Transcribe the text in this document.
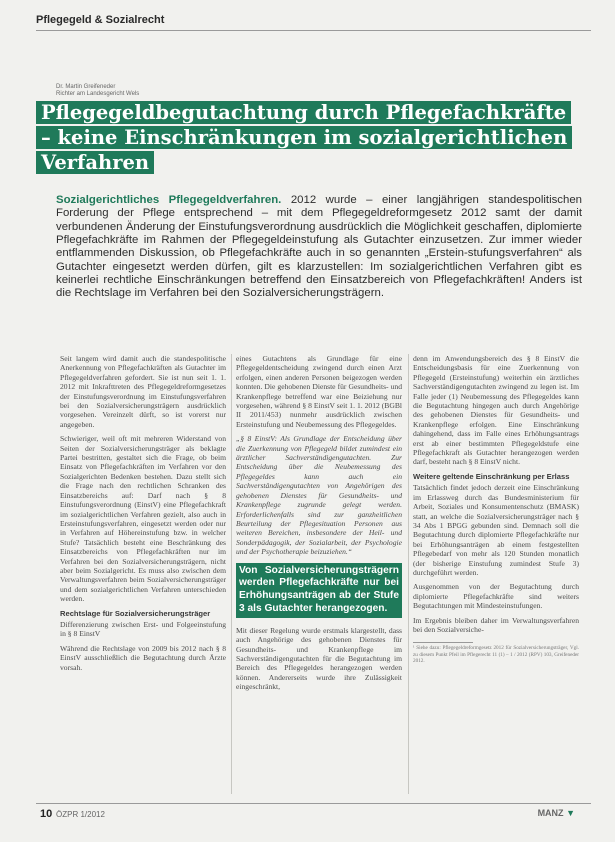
Pflegegeld & Sozialrecht
Dr. Martin Greifeneder
Richter am Landesgericht Wels
Pflegegeldbegutachtung durch Pflegefachkräfte
– keine Einschränkungen im sozialgerichtlichen
Verfahren

Sozialgerichtliches Pflegegeldverfahren. 2012 wurde – einer langjährigen standespolitischen Forderung der Pflege entsprechend – mit dem Pflegegeldreformgesetz 2012 samt der damit verbundenen Änderung der Einstufungsverordnung ausdrücklich die Möglichkeit geschaffen, diplomierte Pflegefachkräfte im Rahmen der Pflegegeldeinstufung als Gutachter einzusetzen. Zur immer wieder entflammenden Diskussion, ob Pflegefachkräfte auch in so genannten „Erstein-stufungsverfahren“ als Gutachter eingesetzt werden dürfen, gilt es klarzustellen: Im sozialgerichtlichen Verfahren gibt es keinerlei rechtliche Einschränkungen betreffend den Einsatzbereich von Pflegefachkräften! Anders ist die Rechtslage im Verfahren bei den Sozialversicherungsträgern.

Seit langem wird damit auch die standespolitische Anerkennung von Pflegefachkräften als Gutachter im Pflegegeldverfahren gefordert. Sie ist nun seit 1. 1. 2012 mit Inkrafttreten des Pflegegeldreformgesetzes der Einstufungsverordnung im Einstufungsverfahren bei den Sozialversicherungsträgern ausdrücklich vorgesehen. Vereinzelt dürft, so ist vorerst nur angegeben.

Schwieriger, weil oft mit mehreren Widerstand von Seiten der Sozialversicherungsträger als beklagte Partei bestritten, gestaltet sich die Frage, ob beim Einsatz von Pflegefachkräften im Verfahren vor den Sozialgerichten Bedenken bestehen. Dazu stellt sich die Frage nach den rechtlichen Schranken des Einsatzbereichs auf: Darf nach § 8 Einstufungsverordnung (EinstV) eine Pflegefachkraft im sozialgerichtlichen Verfahren gezielt, also auch in Ersteinstufungsverfahren, eingesetzt werden oder nur in Verfahren auf Höhereinstufung bzw. in welcher Stufe? Tatsächlich besteht eine Beschränkung des Einsatzbereichs von Pflegefachkräften nur im Verfahren bei den Sozialversicherungsträgern, nicht aber beim Sozialgericht. Es muss also zwischen dem Verwaltungsverfahren beim Sozialversicherungsträger und dem sozialgerichtlichen Verfahren unterschieden werden.

Rechtslage für Sozialversicherungsträger

Differenzierung zwischen Erst- und Folgeeinstufung in § 8 EinstV

Während die Rechtslage von 2009 bis 2012 nach § 8 EinstV ausschließlich die Begutachtung durch Ärzte vorsah.

eines Gutachtens als Grundlage für eine Pflegegeldentscheidung zwingend durch einen Arzt erfolgen, einen anderen Personen beigezogen werden konnten. Die gehobenen Dienste für Gesundheits- und Krankenpflege betreffend war eine Beiziehung nur vorgesehen, während § 8 EinstV seit 1. 1. 2012 (BGBl II 2011/453) nunmehr ausdrücklich zwischen Ersteinstufung und Neubemessung des Pflegegeldes.

„§ 8 EinstV: Als Grundlage der Entscheidung über die Zuerkennung von Pflegegeld bildet zumindest ein ärztlicher Sachverständigengutachten. Zur Entscheidung über die Neubemessung des Pflegegeldes kann auch ein Sachverständigengutachten von Angehörigen des gehobenen Dienstes für Gesundheits- und Krankenpflege zugrunde gelegt werden. Erforderlichenfalls sind zur ganzheitlichen Beurteilung der Pflegesituation Personen aus weiteren Bereichen, insbesondere der Heil- und Sonderpädagogik, der Sozialarbeit, der Psychologie und der Psychotherapie beizuziehen.“

Von Sozialversicherungsträgern werden Pflegefachkräfte nur bei Erhöhungsanträgen ab der Stufe 3 als Gutachter herangezogen.

Mit dieser Regelung wurde erstmals klargestellt, dass auch Angehörige des gehobenen Dienstes für Gesundheits- und Krankenpflege im Sachverständigengutachten für die Begutachtung im Bereich des Pflegegeldes herangezogen werden können. Andererseits wurde ihre Zulässigkeit eingeschränkt,

denn im Anwendungsbereich des § 8 EinstV die Entscheidungsbasis für eine Zuerkennung von Pflegegeld (Ersteinstufung) weiterhin ein ärztliches Sachverständigengutachten zwingend zu legen ist. Im Falle jeder (1) Neubemessung des Pflegegeldes kann die Begutachtung hingegen auch durch Angehörige des gehobenen Dienstes für Gesundheits- und Krankenpflege erfolgen. Eine Einschränkung dahingehend, dass im Falle eines Erhöhungsantrags erst ab einer bestimmten Pflegegeldstufe eine Pflegefachkraft als Gutachter herangezogen werden darf, besteht nach § 8 EinstV nicht.

Weitere geltende Einschränkung per Erlass

Tatsächlich findet jedoch derzeit eine Einschränkung im Erlassweg durch das Bundesministerium für Arbeit, Soziales und Konsumentenschutz (BMASK) statt, an welche die Sozialversicherungsträger nach § 34 Abs 1 BPGG gebunden sind. Demnach soll die Begutachtung durch diplomierte Pflegefachkräfte nur bei Erhöhungsanträgen ab einem festgestellten Pflegebedarf von mehr als 120 Stunden monatlich (der bisherige Einstufung zumindest Stufe 3) durchgeführt werden.

Ausgenommen von der Begutachtung durch diplomierte Pflegefachkräfte sind weiters Begutachtungen mit Mindesteinstufungen.

Im Ergebnis bleiben daher im Verwaltungsverfahren bei den Sozialversiche-

¹ Siehe dazu: Pflegegeldreformgesetz 2012 für Sozialversicherungsträger, Vgl. zu diesem Punkt Pfeil im Pflegerecht 11 (1) – 1 / 2012 (RPV) 103, Greifeneder 2012.
10 ÖZPR 1/2012	MANZ ▼
